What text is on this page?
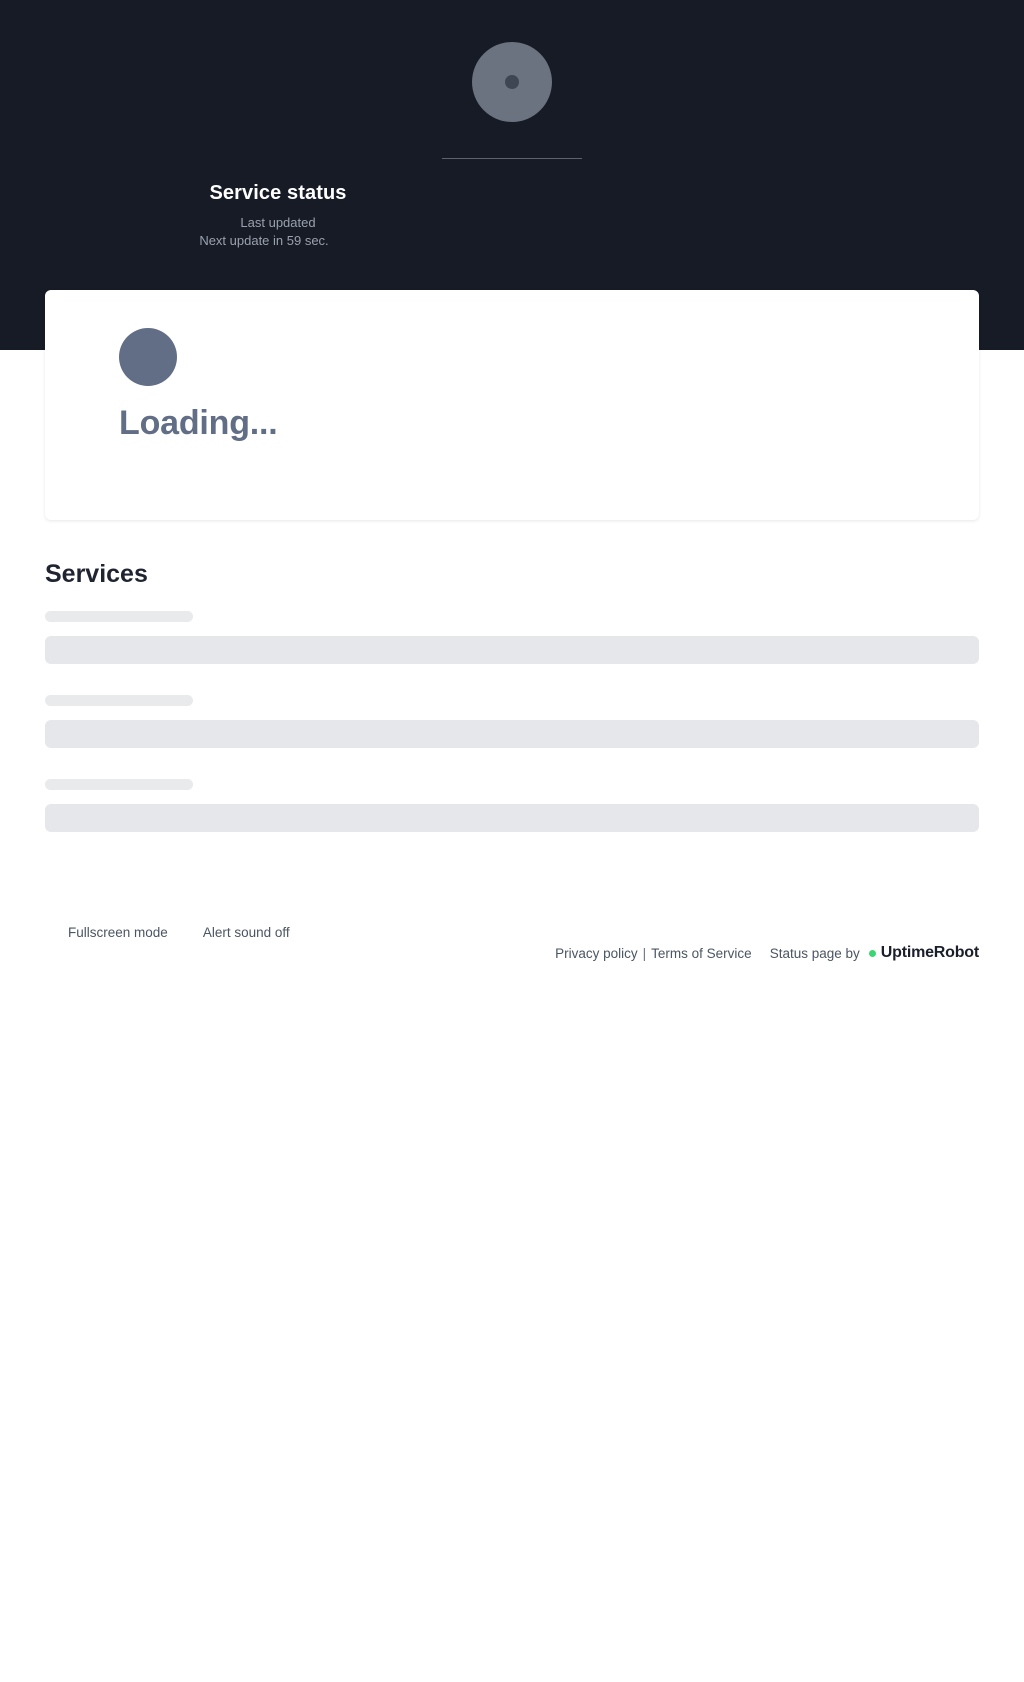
Service status
Last updated
Next update in 59 sec.
Loading...
Services
Fullscreen mode	Alert sound off
Privacy policy | Terms of Service Status page by UptimeRobot
